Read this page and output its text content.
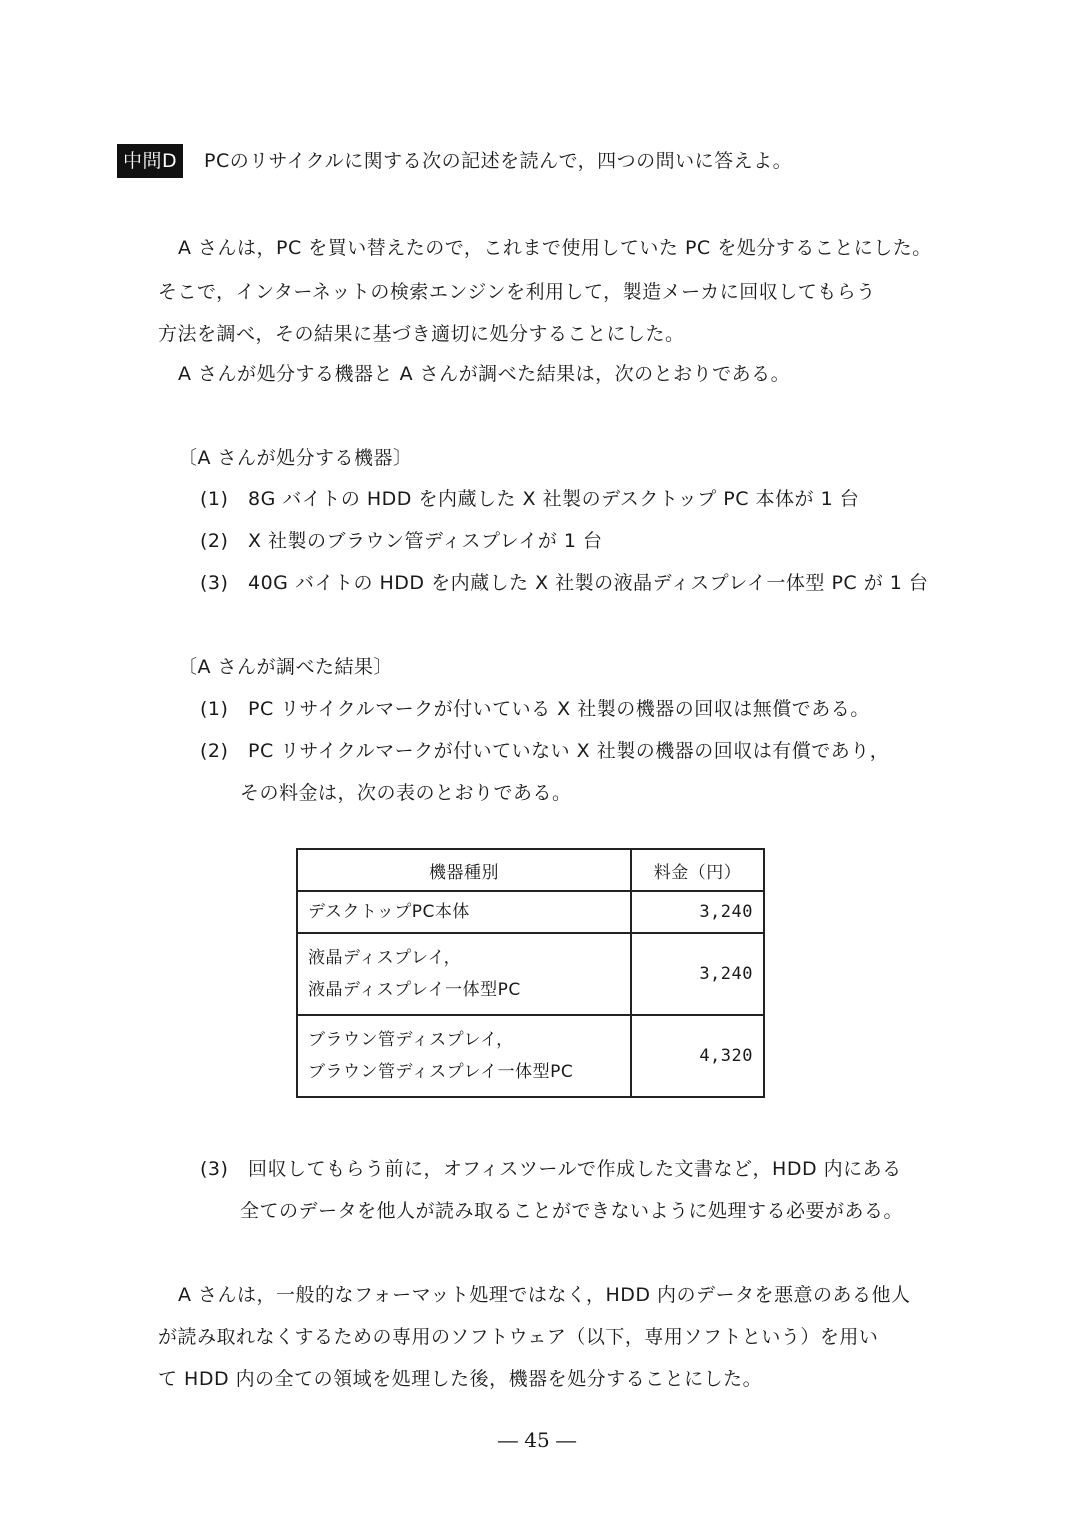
中問D	PCのリサイクルに関する次の記述を読んで，四つの問いに答えよ。
A さんは，PC を買い替えたので，これまで使用していた PC を処分することにした。
そこで，インターネットの検索エンジンを利用して，製造メーカに回収してもらう
方法を調べ，その結果に基づき適切に処分することにした。
A さんが処分する機器と A さんが調べた結果は，次のとおりである。
〔A さんが処分する機器〕
(1) 8G バイトの HDD を内蔵した X 社製のデスクトップ PC 本体が 1 台
(2) X 社製のブラウン管ディスプレイが 1 台
(3) 40G バイトの HDD を内蔵した X 社製の液晶ディスプレイ一体型 PC が 1 台
〔A さんが調べた結果〕
(1) PC リサイクルマークが付いている X 社製の機器の回収は無償である。
(2) PC リサイクルマークが付いていない X 社製の機器の回収は有償であり，
その料金は，次の表のとおりである。
機器種別	料金（円）

デスクトップPC本体	3,240

液晶ディスプレイ，
液晶ディスプレイ一体型PC	3,240

ブラウン管ディスプレイ，
ブラウン管ディスプレイ一体型PC	4,320
(3) 回収してもらう前に，オフィスツールで作成した文書など，HDD 内にある
全てのデータを他人が読み取ることができないように処理する必要がある。
A さんは，一般的なフォーマット処理ではなく，HDD 内のデータを悪意のある他人
が読み取れなくするための専用のソフトウェア（以下，専用ソフトという）を用い
て HDD 内の全ての領域を処理した後，機器を処分することにした。
― 45 ―
